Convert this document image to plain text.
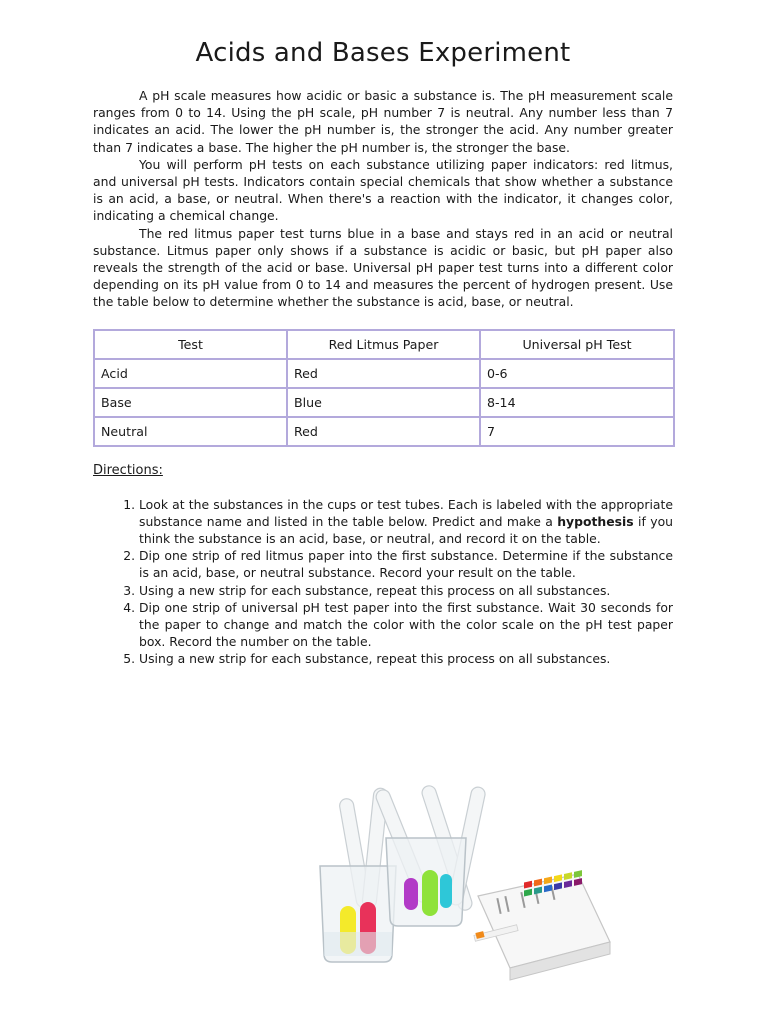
Acids and Bases Experiment

A pH scale measures how acidic or basic a substance is. The pH measurement scale ranges from 0 to 14. Using the pH scale, pH number 7 is neutral. Any number less than 7 indicates an acid. The lower the pH number is, the stronger the acid. Any number greater than 7 indicates a base. The higher the pH number is, the stronger the base.

You will perform pH tests on each substance utilizing paper indicators: red litmus, and universal pH tests. Indicators contain special chemicals that show whether a substance is an acid, a base, or neutral. When there's a reaction with the indicator, it changes color, indicating a chemical change.

The red litmus paper test turns blue in a base and stays red in an acid or neutral substance. Litmus paper only shows if a substance is acidic or basic, but pH paper also reveals the strength of the acid or base. Universal pH paper test turns into a different color depending on its pH value from 0 to 14 and measures the percent of hydrogen present. Use the table below to determine whether the substance is acid, base, or neutral.

Test	Red Litmus Paper	Universal pH Test
Acid	Red	0-6
Base	Blue	8-14
Neutral	Red	7
Directions:
1. Look at the substances in the cups or test tubes. Each is labeled with the appropriate substance name and listed in the table below. Predict and make a hypothesis if you think the substance is an acid, base, or neutral, and record it on the table.
2. Dip one strip of red litmus paper into the first substance. Determine if the substance is an acid, base, or neutral substance. Record your result on the table.
3. Using a new strip for each substance, repeat this process on all substances.
4. Dip one strip of universal pH test paper into the first substance. Wait 30 seconds for the paper to change and match the color with the color scale on the pH test paper box. Record the number on the table.
5. Using a new strip for each substance, repeat this process on all substances.
